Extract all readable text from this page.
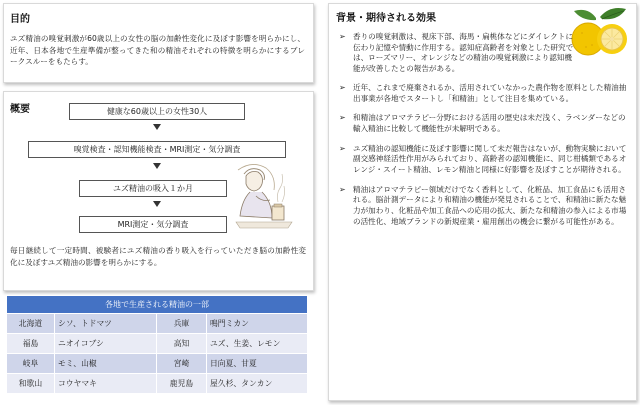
目的
ユズ精油の嗅覚刺激が60歳以上の女性の脳の加齢性変化に及ぼす影響を明らかにし、近年、日本各地で生産準備が整ってきた和の精油それぞれの特徴を明らかにするブレークスルーをもたらす。
概要	健康な60歳以上の女性30人
嗅覚検査・認知機能検査・MRI測定・気分調査
ユズ精油の吸入１か月
MRI測定・気分調査
毎日継続して一定時間、被験者にユズ精油の香り吸入を行っていただき脳の加齢性変化に及ぼすユズ精油の影響を明らかにする。
各地で生産される精油の一部			
北海道	シソ、トドマツ	兵庫	鳴門ミカン
福島	ニオイコブシ	高知	ユズ、生姜、レモン
岐阜	モミ、山椒	宮崎	日向夏、甘夏
和歌山	コウヤマキ	鹿児島	屋久杉、タンカン
背景・期待される効果
➢ 香りの嗅覚刺激は、視床下部、海馬・扁桃体などにダイレクトに伝わり記憶や情動に作用する。認知症高齢者を対象とした研究では、ローズマリー、オレンジなどの精油の嗅覚刺激により認知機能が改善したとの報告がある。
➢ 近年、これまで廃棄されるか、活用されていなかった農作物を原料とした精油抽出事業が各地でスタートし「和精油」として注目を集めている。
➢ 和精油はアロマテラピー分野における活用の歴史は未だ浅く、ラベンダーなどの輸入精油に比較して機能性が未解明である。
➢ ユズ精油の認知機能に及ぼす影響に関して未だ報告はないが、動物実験において副交感神経活性作用がみられており、高齢者の認知機能に、同じ柑橘類であるオレンジ・スイート精油、レモン精油と同様に好影響を及ぼすことが期待される。
➢ 精油はアロマテラピー領域だけでなく香料として、化粧品、加工食品にも活用される。脳計測データにより和精油の機能が発見されることで、和精油に新たな魅力が加わり、化粧品や加工食品への応用の拡大、新たな和精油の参入による市場の活性化、地域ブランドの新規産業・雇用創出の機会に繋がる可能性がある。
